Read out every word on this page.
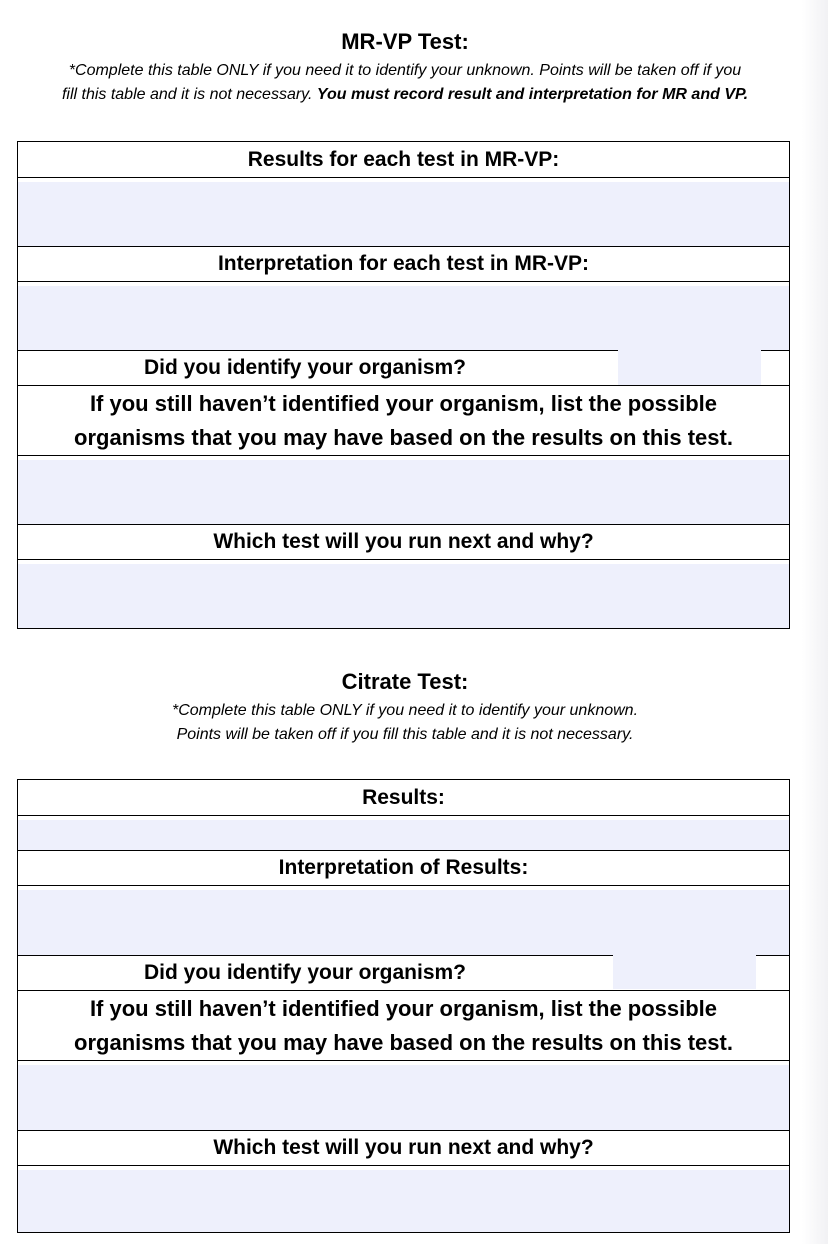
MR-VP Test:
*Complete this table ONLY if you need it to identify your unknown. Points will be taken off if you
fill this table and it is not necessary. You must record result and interpretation for MR and VP.
Results for each test in MR-VP:
Interpretation for each test in MR-VP:
Did you identify your organism?
If you still haven’t identified your organism, list the possible
organisms that you may have based on the results on this test.
Which test will you run next and why?
Citrate Test:
*Complete this table ONLY if you need it to identify your unknown.
Points will be taken off if you fill this table and it is not necessary.
Results:
Interpretation of Results:
Did you identify your organism?
If you still haven’t identified your organism, list the possible
organisms that you may have based on the results on this test.
Which test will you run next and why?
